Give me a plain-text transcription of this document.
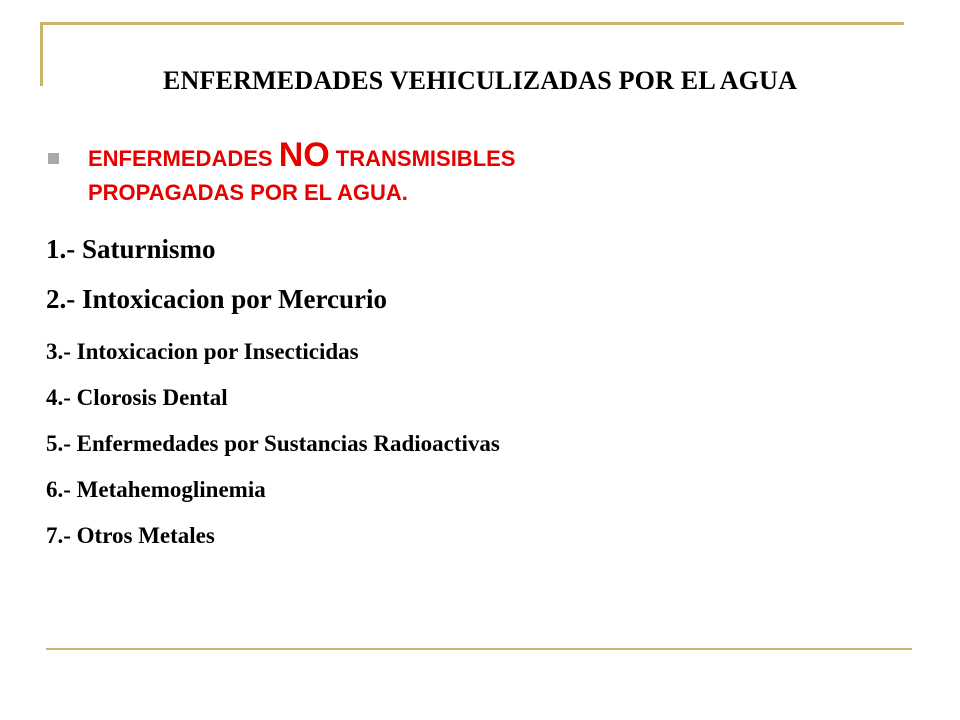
ENFERMEDADES VEHICULIZADAS POR EL AGUA
ENFERMEDADES NO TRANSMISIBLES
PROPAGADAS POR EL AGUA.
1.- Saturnismo
2.- Intoxicacion por Mercurio
3.- Intoxicacion por Insecticidas
4.- Clorosis Dental
5.- Enfermedades por Sustancias Radioactivas
6.- Metahemoglinemia
7.- Otros Metales
